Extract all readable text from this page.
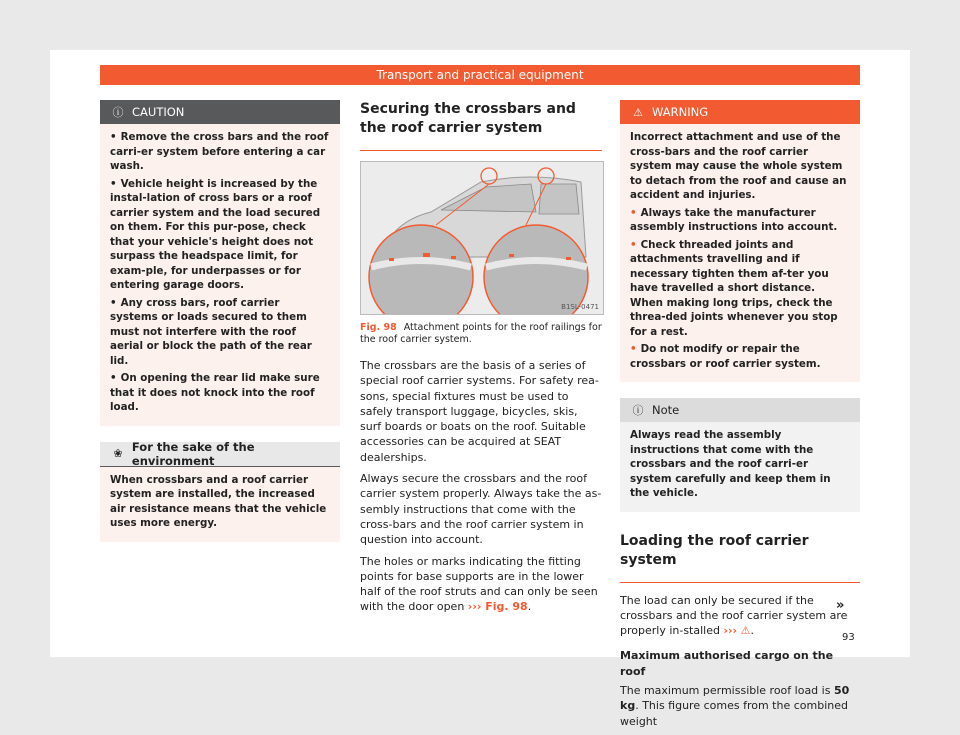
Transport and practical equipment
ⓘ CAUTION

• Remove the cross bars and the roof carri-er system before entering a car wash.

• Vehicle height is increased by the instal-lation of cross bars or a roof carrier system and the load secured on them. For this pur-pose, check that your vehicle's height does not surpass the headspace limit, for exam-ple, for underpasses or for entering garage doors.

• Any cross bars, roof carrier systems or loads secured to them must not interfere with the roof aerial or block the path of the rear lid.

• On opening the rear lid make sure that it does not knock into the roof load.

❀ For the sake of the environment

When crossbars and a roof carrier system are installed, the increased air resistance means that the vehicle uses more energy.

Securing the crossbars and the roof carrier system
B1SL-0471
Fig. 98 Attachment points for the roof railings for the roof carrier system.

The crossbars are the basis of a series of special roof carrier systems. For safety rea-sons, special fixtures must be used to safely transport luggage, bicycles, skis, surf boards or boats on the roof. Suitable accessories can be acquired at SEAT dealerships.

Always secure the crossbars and the roof carrier system properly. Always take the as-sembly instructions that come with the cross-bars and the roof carrier system in question into account.

The holes or marks indicating the fitting points for base supports are in the lower half of the roof struts and can only be seen with the door open ››› Fig. 98.

⚠ WARNING

Incorrect attachment and use of the cross-bars and the roof carrier system may cause the whole system to detach from the roof and cause an accident and injuries.

• Always take the manufacturer assembly instructions into account.

• Check threaded joints and attachments travelling and if necessary tighten them af-ter you have travelled a short distance. When making long trips, check the threa-ded joints whenever you stop for a rest.

• Do not modify or repair the crossbars or roof carrier system.

ⓘ Note

Always read the assembly instructions that come with the crossbars and the roof carri-er system carefully and keep them in the vehicle.

Loading the roof carrier system

The load can only be secured if the crossbars and the roof carrier system are properly in-stalled ››› ⚠.

Maximum authorised cargo on the roof

The maximum permissible roof load is 50 kg. This figure comes from the combined weight

»
93
